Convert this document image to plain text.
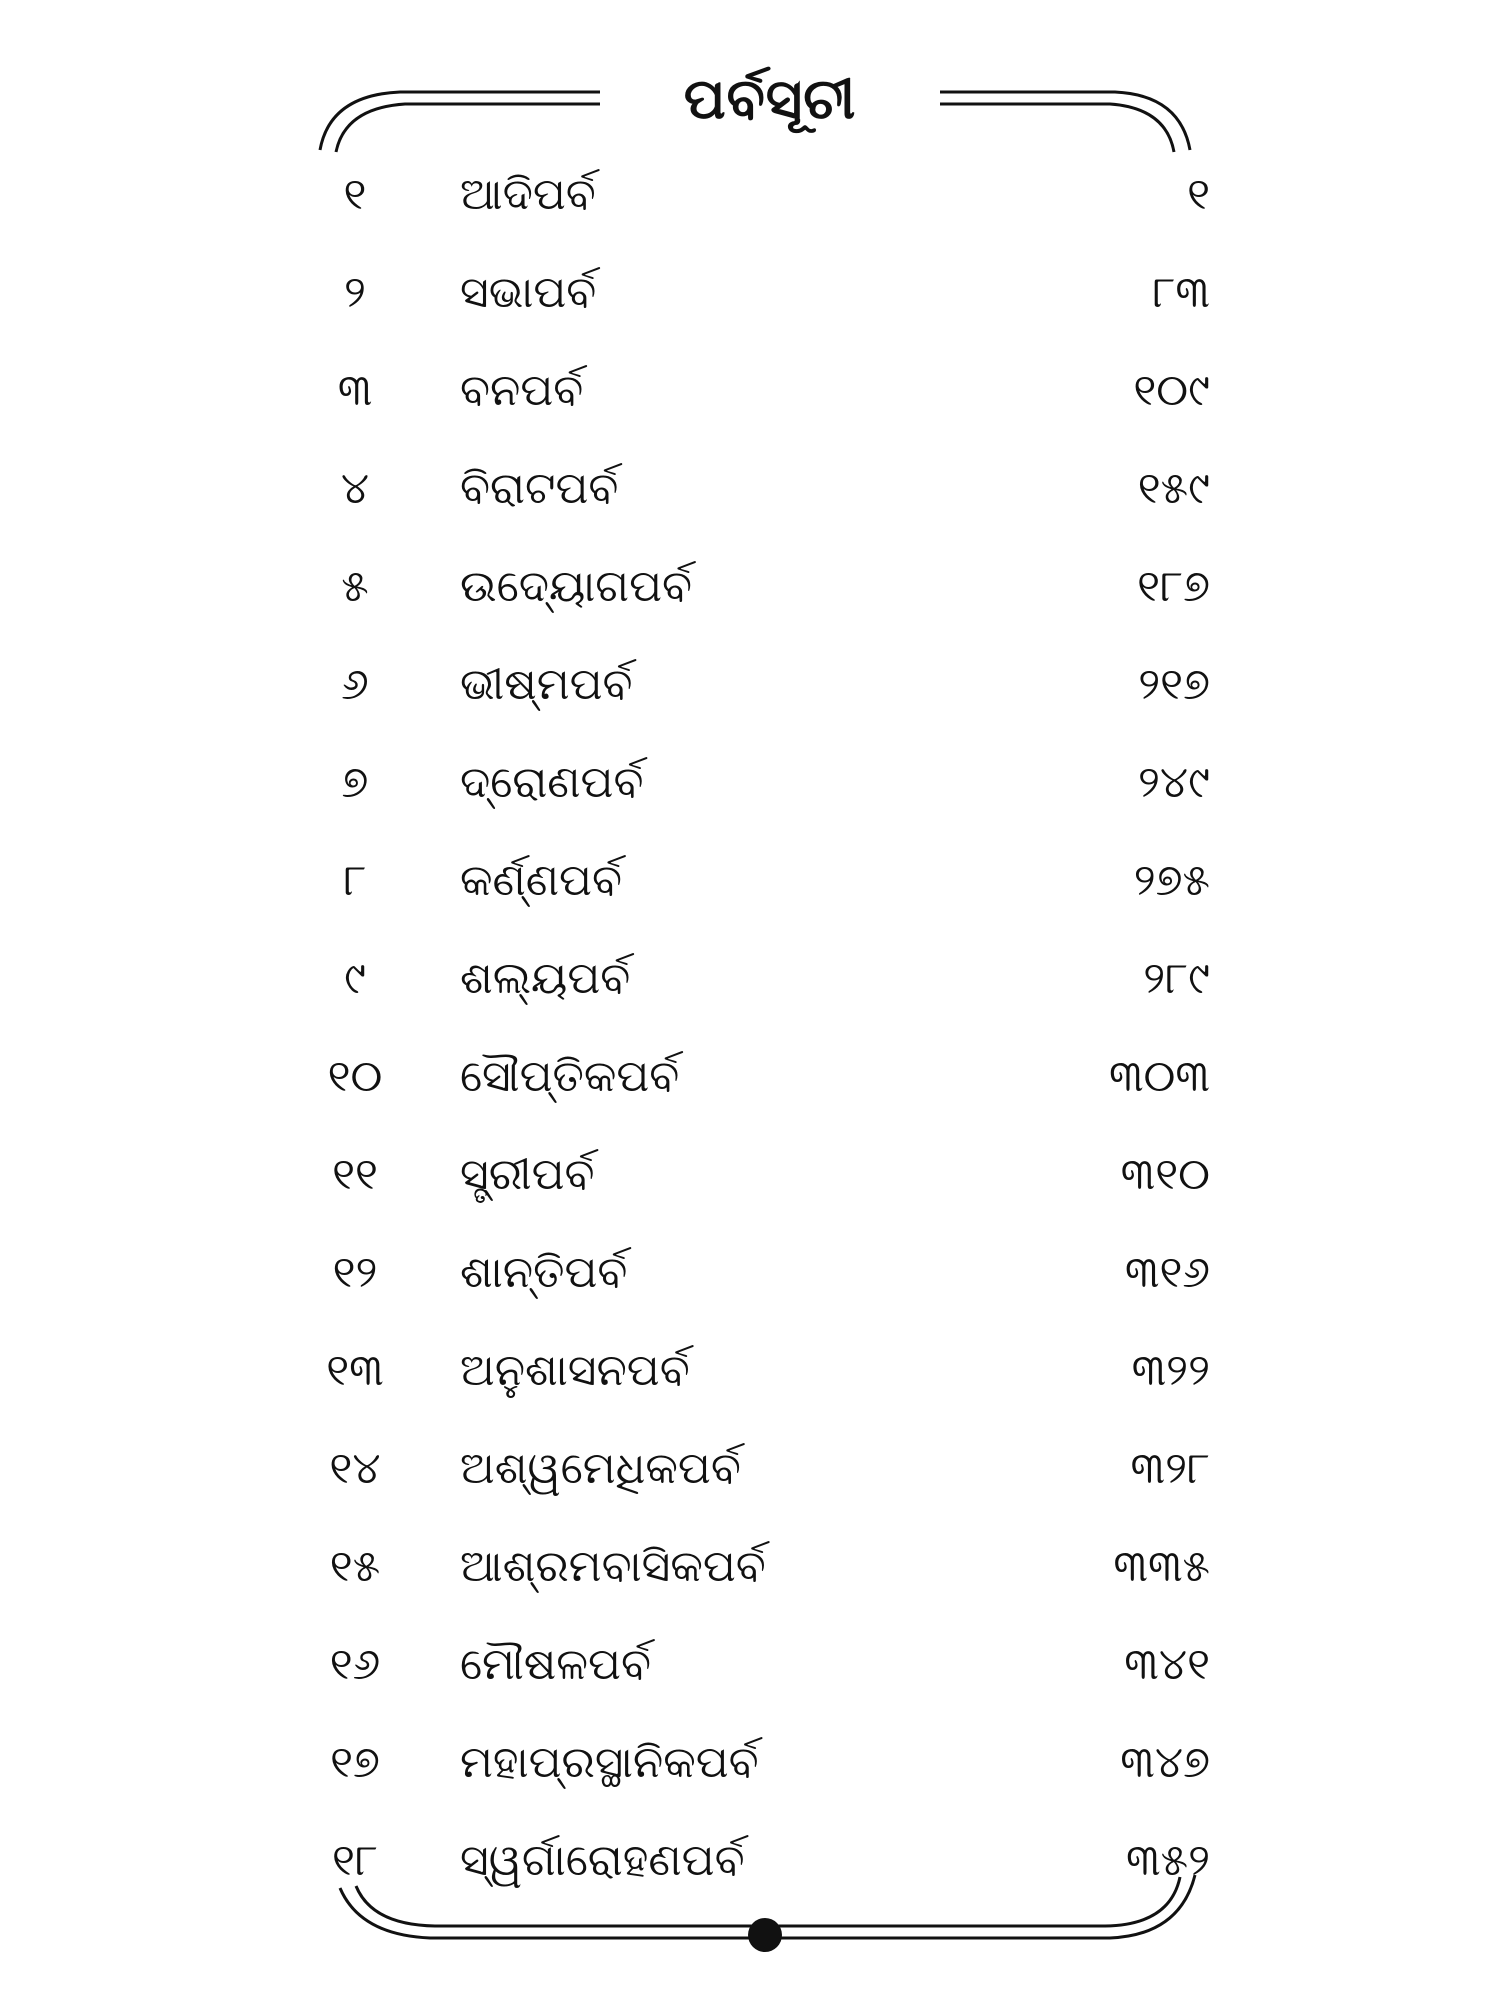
ପର୍ବସୂଚୀ
୧	ଆଦିପର୍ବ	୧
୨	ସଭାପର୍ବ	୮୩
୩	ବନପର୍ବ	୧୦୯
୪	ବିରାଟପର୍ବ	୧୫୯
୫	ଉଦ୍ୟୋଗପର୍ବ	୧୮୭
୬	ଭୀଷ୍ମପର୍ବ	୨୧୭
୭	ଦ୍ରୋଣପର୍ବ	୨୪୯
୮	କର୍ଣ୍ଣପର୍ବ	୨୭୫
୯	ଶଲ୍ୟପର୍ବ	୨୮୯
୧୦	ସୌପ୍ତିକପର୍ବ	୩୦୩
୧୧	ସ୍ତ୍ରୀପର୍ବ	୩୧୦
୧୨	ଶାନ୍ତିପର୍ବ	୩୧୬
୧୩	ଅନୁଶାସନପର୍ବ	୩୨୨
୧୪	ଅଶ୍ୱମେଧିକପର୍ବ	୩୨୮
୧୫	ଆଶ୍ରମବାସିକପର୍ବ	୩୩୫
୧୬	ମୌଷଳପର୍ବ	୩୪୧
୧୭	ମହାପ୍ରସ୍ଥାନିକପର୍ବ	୩୪୭
୧୮	ସ୍ୱର୍ଗାରୋହଣପର୍ବ	୩୫୨
